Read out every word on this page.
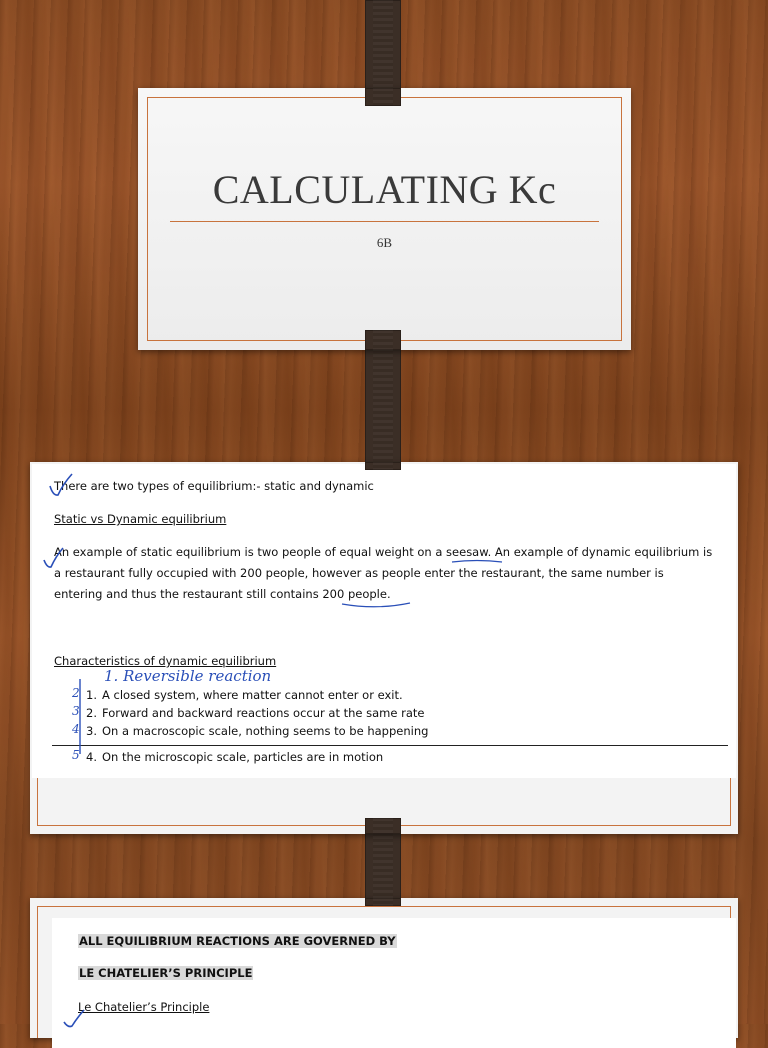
CALCULATING Kc
6B

There are two types of equilibrium:- static and dynamic

Static vs Dynamic equilibrium

An example of static equilibrium is two people of equal weight on a seesaw. An example of dynamic equilibrium is

a restaurant fully occupied with 200 people, however as people enter the restaurant, the same number is

entering and thus the restaurant still contains 200 people.

Characteristics of dynamic equilibrium

1. Reversible reaction
1. A closed system, where matter cannot enter or exit.

2. Forward and backward reactions occur at the same rate

3. On a macroscopic scale, nothing seems to be happening

4. On the microscopic scale, particles are in motion

2
3
4
5

ALL EQUILIBRIUM REACTIONS ARE GOVERNED BY

LE CHATELIER’S PRINCIPLE

Le Chatelier’s Principle
